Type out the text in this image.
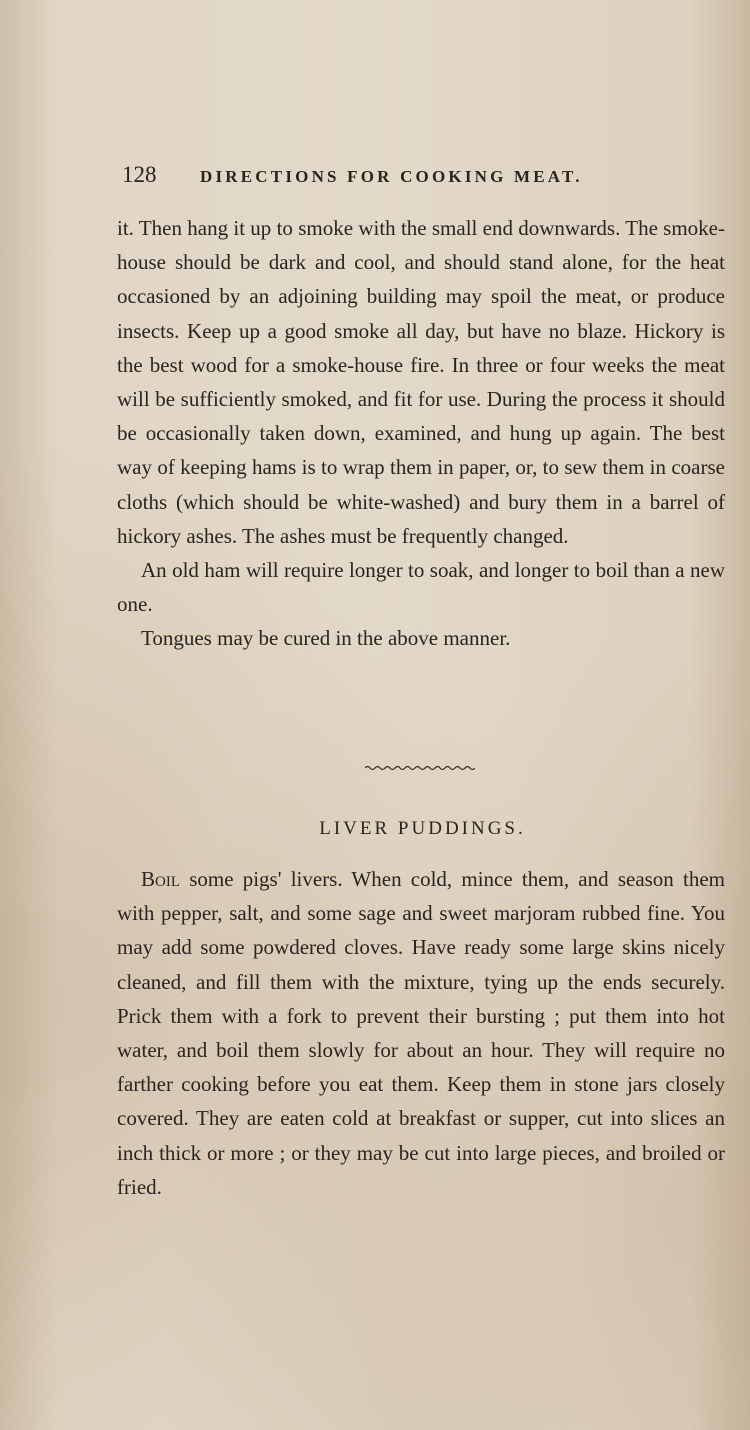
128	DIRECTIONS FOR COOKING MEAT.

it. Then hang it up to smoke with the small end downwards. The smoke-house should be dark and cool, and should stand alone, for the heat occasioned by an adjoining building may spoil the meat, or produce insects. Keep up a good smoke all day, but have no blaze. Hickory is the best wood for a smoke-house fire. In three or four weeks the meat will be sufficiently smoked, and fit for use. During the process it should be occasionally taken down, examined, and hung up again. The best way of keeping hams is to wrap them in paper, or, to sew them in coarse cloths (which should be white-washed) and bury them in a barrel of hickory ashes. The ashes must be frequently changed.

An old ham will require longer to soak, and longer to boil than a new one.

Tongues may be cured in the above manner.

LIVER PUDDINGS.

Boil some pigs' livers. When cold, mince them, and season them with pepper, salt, and some sage and sweet marjoram rubbed fine. You may add some powdered cloves. Have ready some large skins nicely cleaned, and fill them with the mixture, tying up the ends securely. Prick them with a fork to prevent their bursting ; put them into hot water, and boil them slowly for about an hour. They will require no farther cooking before you eat them. Keep them in stone jars closely covered. They are eaten cold at breakfast or supper, cut into slices an inch thick or more ; or they may be cut into large pieces, and broiled or fried.
